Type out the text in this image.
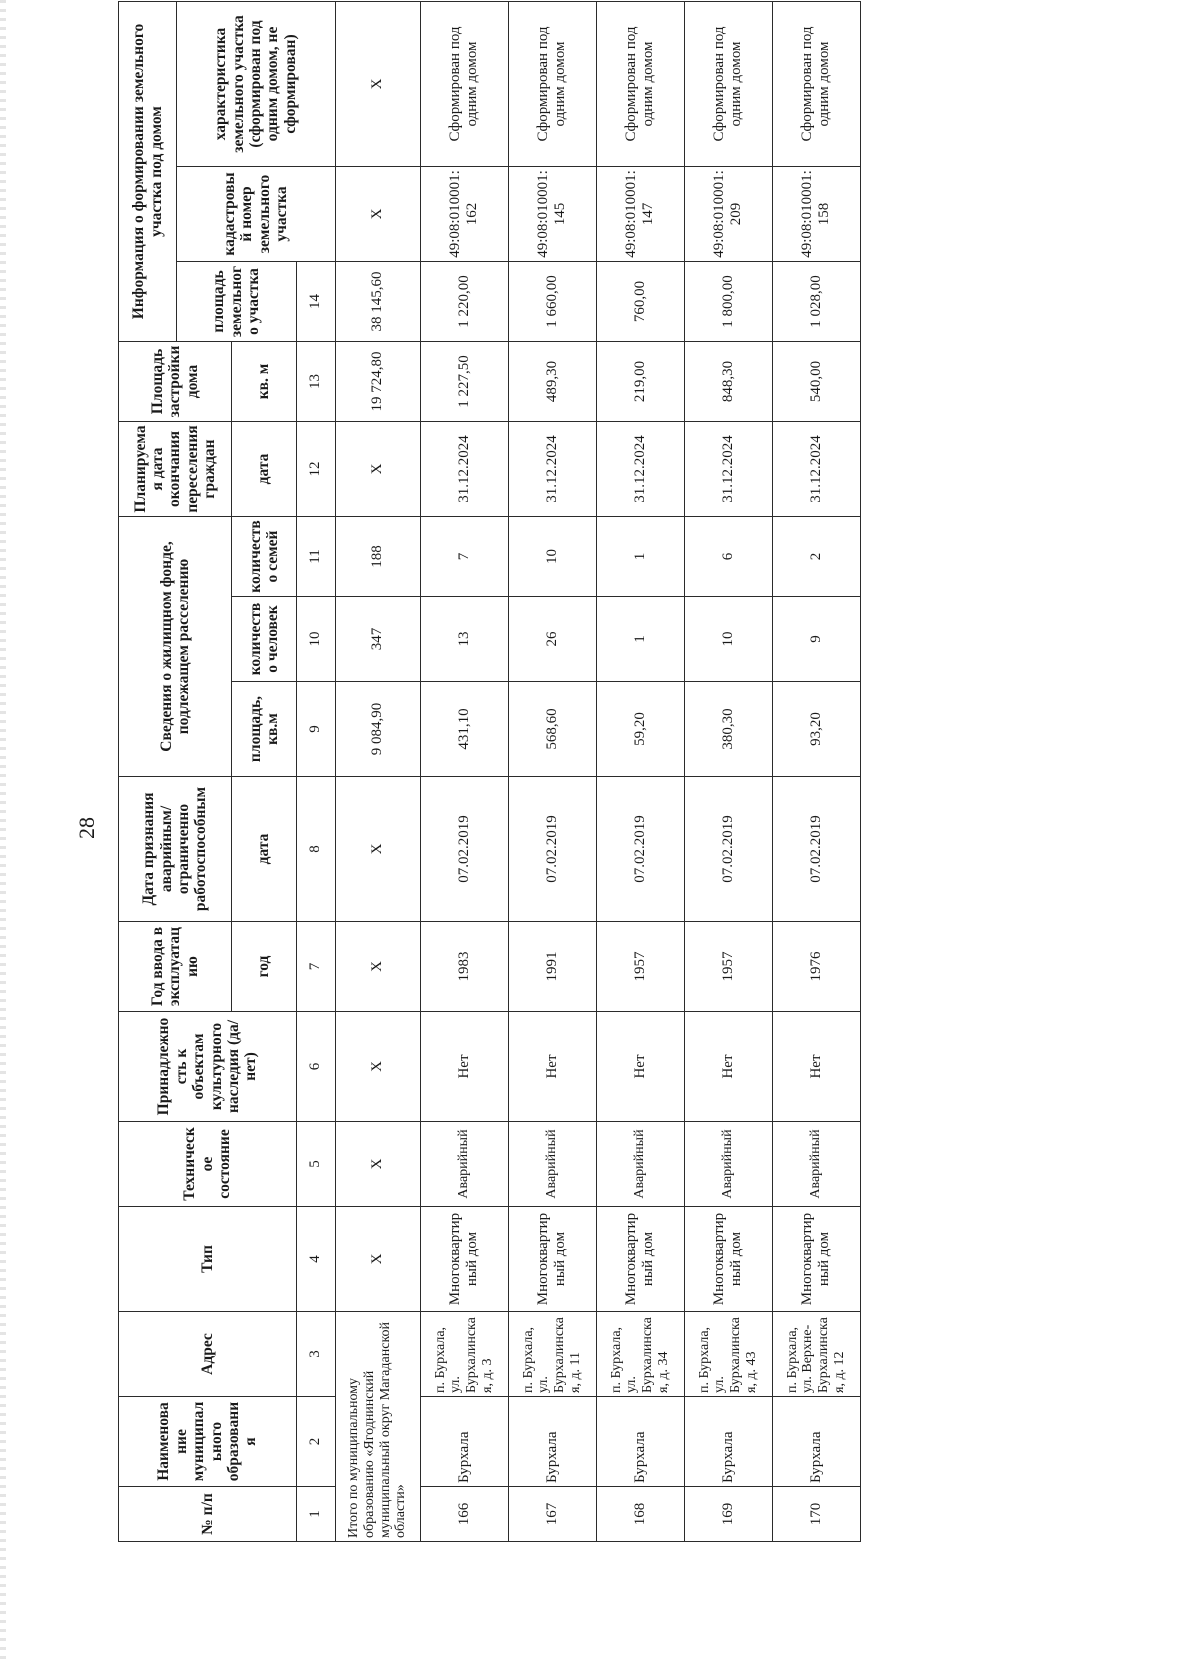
28
№ п/п	Наименование муниципального образования	Адрес	Тип	Техническое состояние	Принадлежность к объектам культурного наследия (да/нет)	Год ввода в эксплуатацию	Дата признания аварийным/ ограниченно работоспособным	Сведения о жилищном фонде, подлежащем расселению			Планируемая дата окончания переселения граждан	Площадь застройки дома	Информация о формировании земельного участка под домом			
													площадь земельного участка	кадастровый номер земельного участка	характеристика земельного участка (сформирован под одним домом, не сформирован)	
						год	дата	площадь, кв.м	количество человек	количество семей	дата	кв. м				
1	2	3	4	5	6	7	8	9	10	11	12	13	14		
Итого по муниципальному образованию «Ягоднинский муниципальный округ Магаданской области»			Х	Х	Х	Х	Х	9 084,90	347	188	Х	19 724,80	38 145,60	Х	Х	
166	Бурхала	п. Бурхала, ул. Бурхалинская, д. 3	Многоквартирный дом	Аварийный	Нет	1983	07.02.2019	431,10	13	7	31.12.2024	1 227,50	1 220,00	49:08:010001:162	Сформирован под одним домом	
167	Бурхала	п. Бурхала, ул. Бурхалинская, д. 11	Многоквартирный дом	Аварийный	Нет	1991	07.02.2019	568,60	26	10	31.12.2024	489,30	1 660,00	49:08:010001:145	Сформирован под одним домом	
168	Бурхала	п. Бурхала, ул. Бурхалинская, д. 34	Многоквартирный дом	Аварийный	Нет	1957	07.02.2019	59,20	1	1	31.12.2024	219,00	760,00	49:08:010001:147	Сформирован под одним домом	
169	Бурхала	п. Бурхала, ул. Бурхалинская, д. 43	Многоквартирный дом	Аварийный	Нет	1957	07.02.2019	380,30	10	6	31.12.2024	848,30	1 800,00	49:08:010001:209	Сформирован под одним домом	
170	Бурхала	п. Бурхала, ул. Верхне-Бурхалинская, д. 12	Многоквартирный дом	Аварийный	Нет	1976	07.02.2019	93,20	9	2	31.12.2024	540,00	1 028,00	49:08:010001:158	Сформирован под одним домом	
